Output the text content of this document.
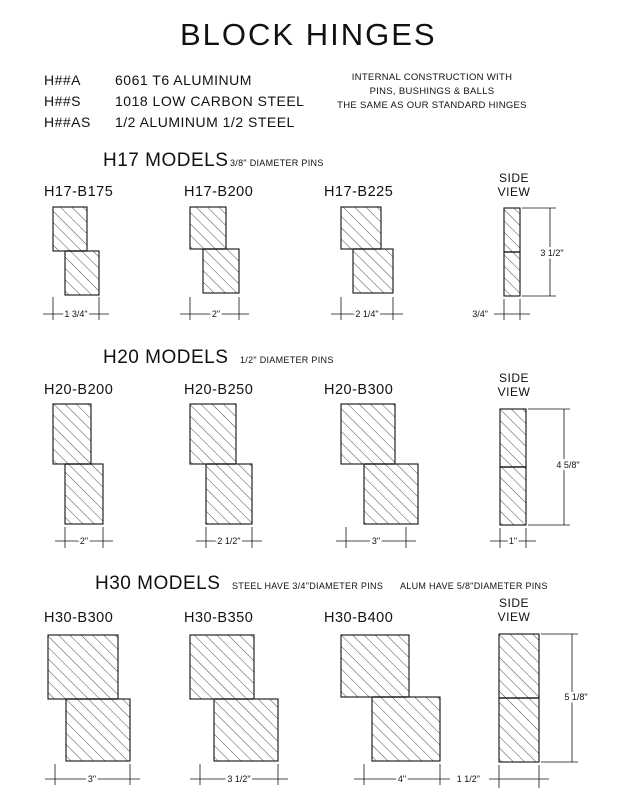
BLOCK HINGES
H##A 6061 T6 ALUMINUM
H##S 1018 LOW CARBON STEEL
H##AS 1/2 ALUMINUM 1/2 STEEL
INTERNAL CONSTRUCTION WITH
PINS, BUSHINGS & BALLS
THE SAME AS OUR STANDARD HINGES
H17 MODELS 3/8" DIAMETER PINS
H17-B175
1 3/4"
H17-B200
2"
H17-B225
2 1/4"
SIDE
VIEW
3 1/2"
3/4"
H20 MODELS 1/2" DIAMETER PINS
H20-B200
2"
H20-B250
2 1/2"
H20-B300
3"
SIDE
VIEW
4 5/8"
1"
H30 MODELS STEEL HAVE 3/4"DIAMETER PINS ALUM HAVE 5/8"DIAMETER PINS
H30-B300
3"
H30-B350
3 1/2"
H30-B400
4"
SIDE
VIEW
5 1/8"
1 1/2"
